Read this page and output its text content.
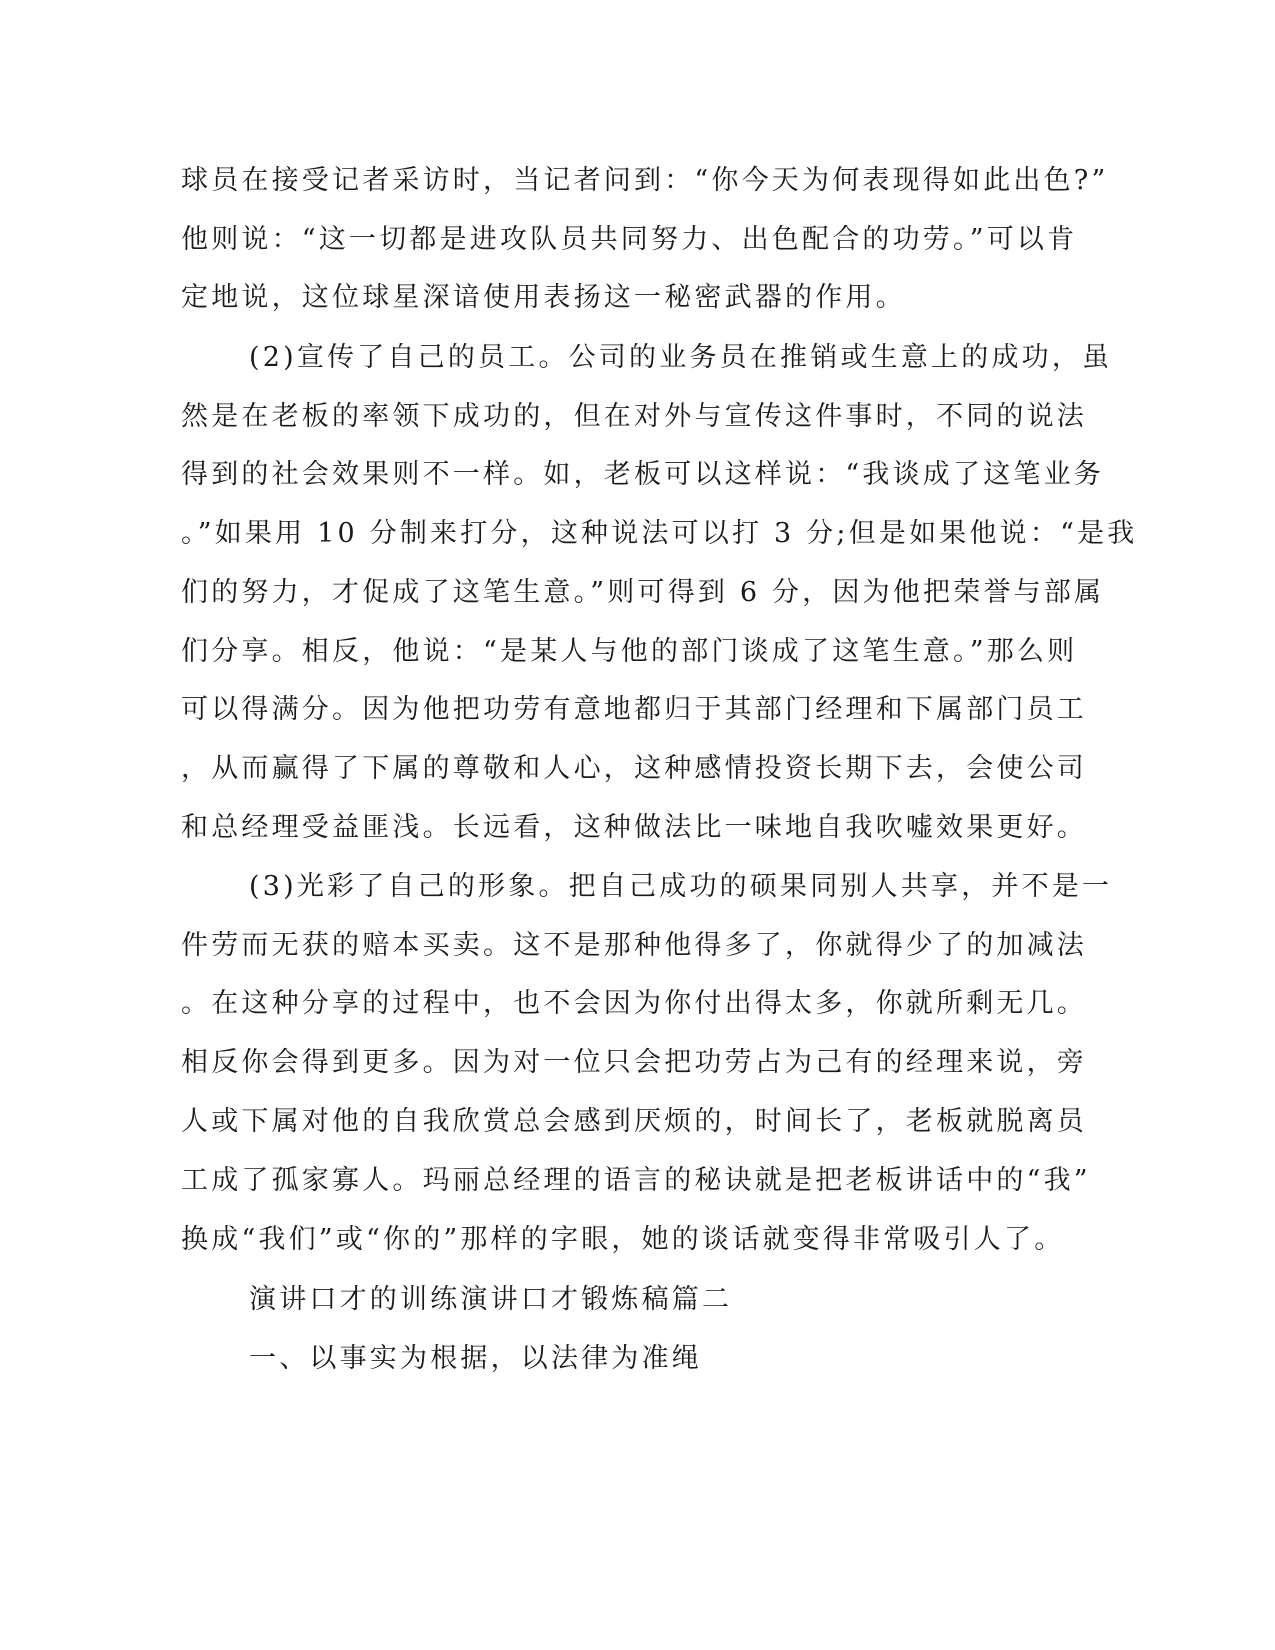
球员在接受记者采访时，当记者问到：“你今天为何表现得如此出色?”
他则说：“这一切都是进攻队员共同努力、出色配合的功劳。”可以肯
定地说，这位球星深谙使用表扬这一秘密武器的作用。
(2)宣传了自己的员工。公司的业务员在推销或生意上的成功，虽
然是在老板的率领下成功的，但在对外与宣传这件事时，不同的说法
得到的社会效果则不一样。如，老板可以这样说：“我谈成了这笔业务
。”如果用 10 分制来打分，这种说法可以打 3 分;但是如果他说：“是我
们的努力，才促成了这笔生意。”则可得到 6 分，因为他把荣誉与部属
们分享。相反，他说：“是某人与他的部门谈成了这笔生意。”那么则
可以得满分。因为他把功劳有意地都归于其部门经理和下属部门员工
，从而赢得了下属的尊敬和人心，这种感情投资长期下去，会使公司
和总经理受益匪浅。长远看，这种做法比一味地自我吹嘘效果更好。
(3)光彩了自己的形象。把自己成功的硕果同别人共享，并不是一
件劳而无获的赔本买卖。这不是那种他得多了，你就得少了的加减法
。在这种分享的过程中，也不会因为你付出得太多，你就所剩无几。
相反你会得到更多。因为对一位只会把功劳占为己有的经理来说，旁
人或下属对他的自我欣赏总会感到厌烦的，时间长了，老板就脱离员
工成了孤家寡人。玛丽总经理的语言的秘诀就是把老板讲话中的“我”
换成“我们”或“你的”那样的字眼，她的谈话就变得非常吸引人了。
演讲口才的训练演讲口才锻炼稿篇二
一、以事实为根据，以法律为准绳
